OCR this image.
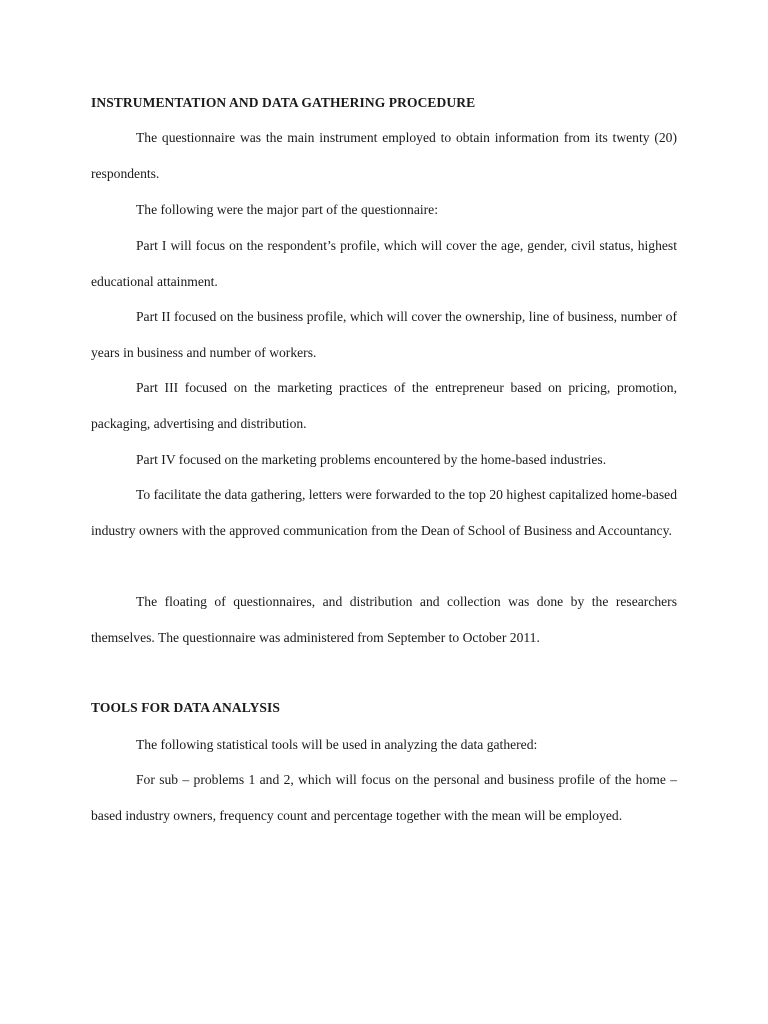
INSTRUMENTATION AND DATA GATHERING PROCEDURE

The questionnaire was the main instrument employed to obtain information from its twenty (20) respondents.

The following were the major part of the questionnaire:

Part I will focus on the respondent’s profile, which will cover the age, gender, civil status, highest educational attainment.

Part II focused on the business profile, which will cover the ownership, line of business, number of years in business and number of workers.

Part III focused on the marketing practices of the entrepreneur based on pricing, promotion, packaging, advertising and distribution.

Part IV focused on the marketing problems encountered by the home-based industries.

To facilitate the data gathering, letters were forwarded to the top 20 highest capitalized home-based industry owners with the approved communication from the Dean of School of Business and Accountancy.

The floating of questionnaires, and distribution and collection was done by the researchers themselves. The questionnaire was administered from September to October 2011.

TOOLS FOR DATA ANALYSIS

The following statistical tools will be used in analyzing the data gathered:

For sub – problems 1 and 2, which will focus on the personal and business profile of the home – based industry owners, frequency count and percentage together with the mean will be employed.
